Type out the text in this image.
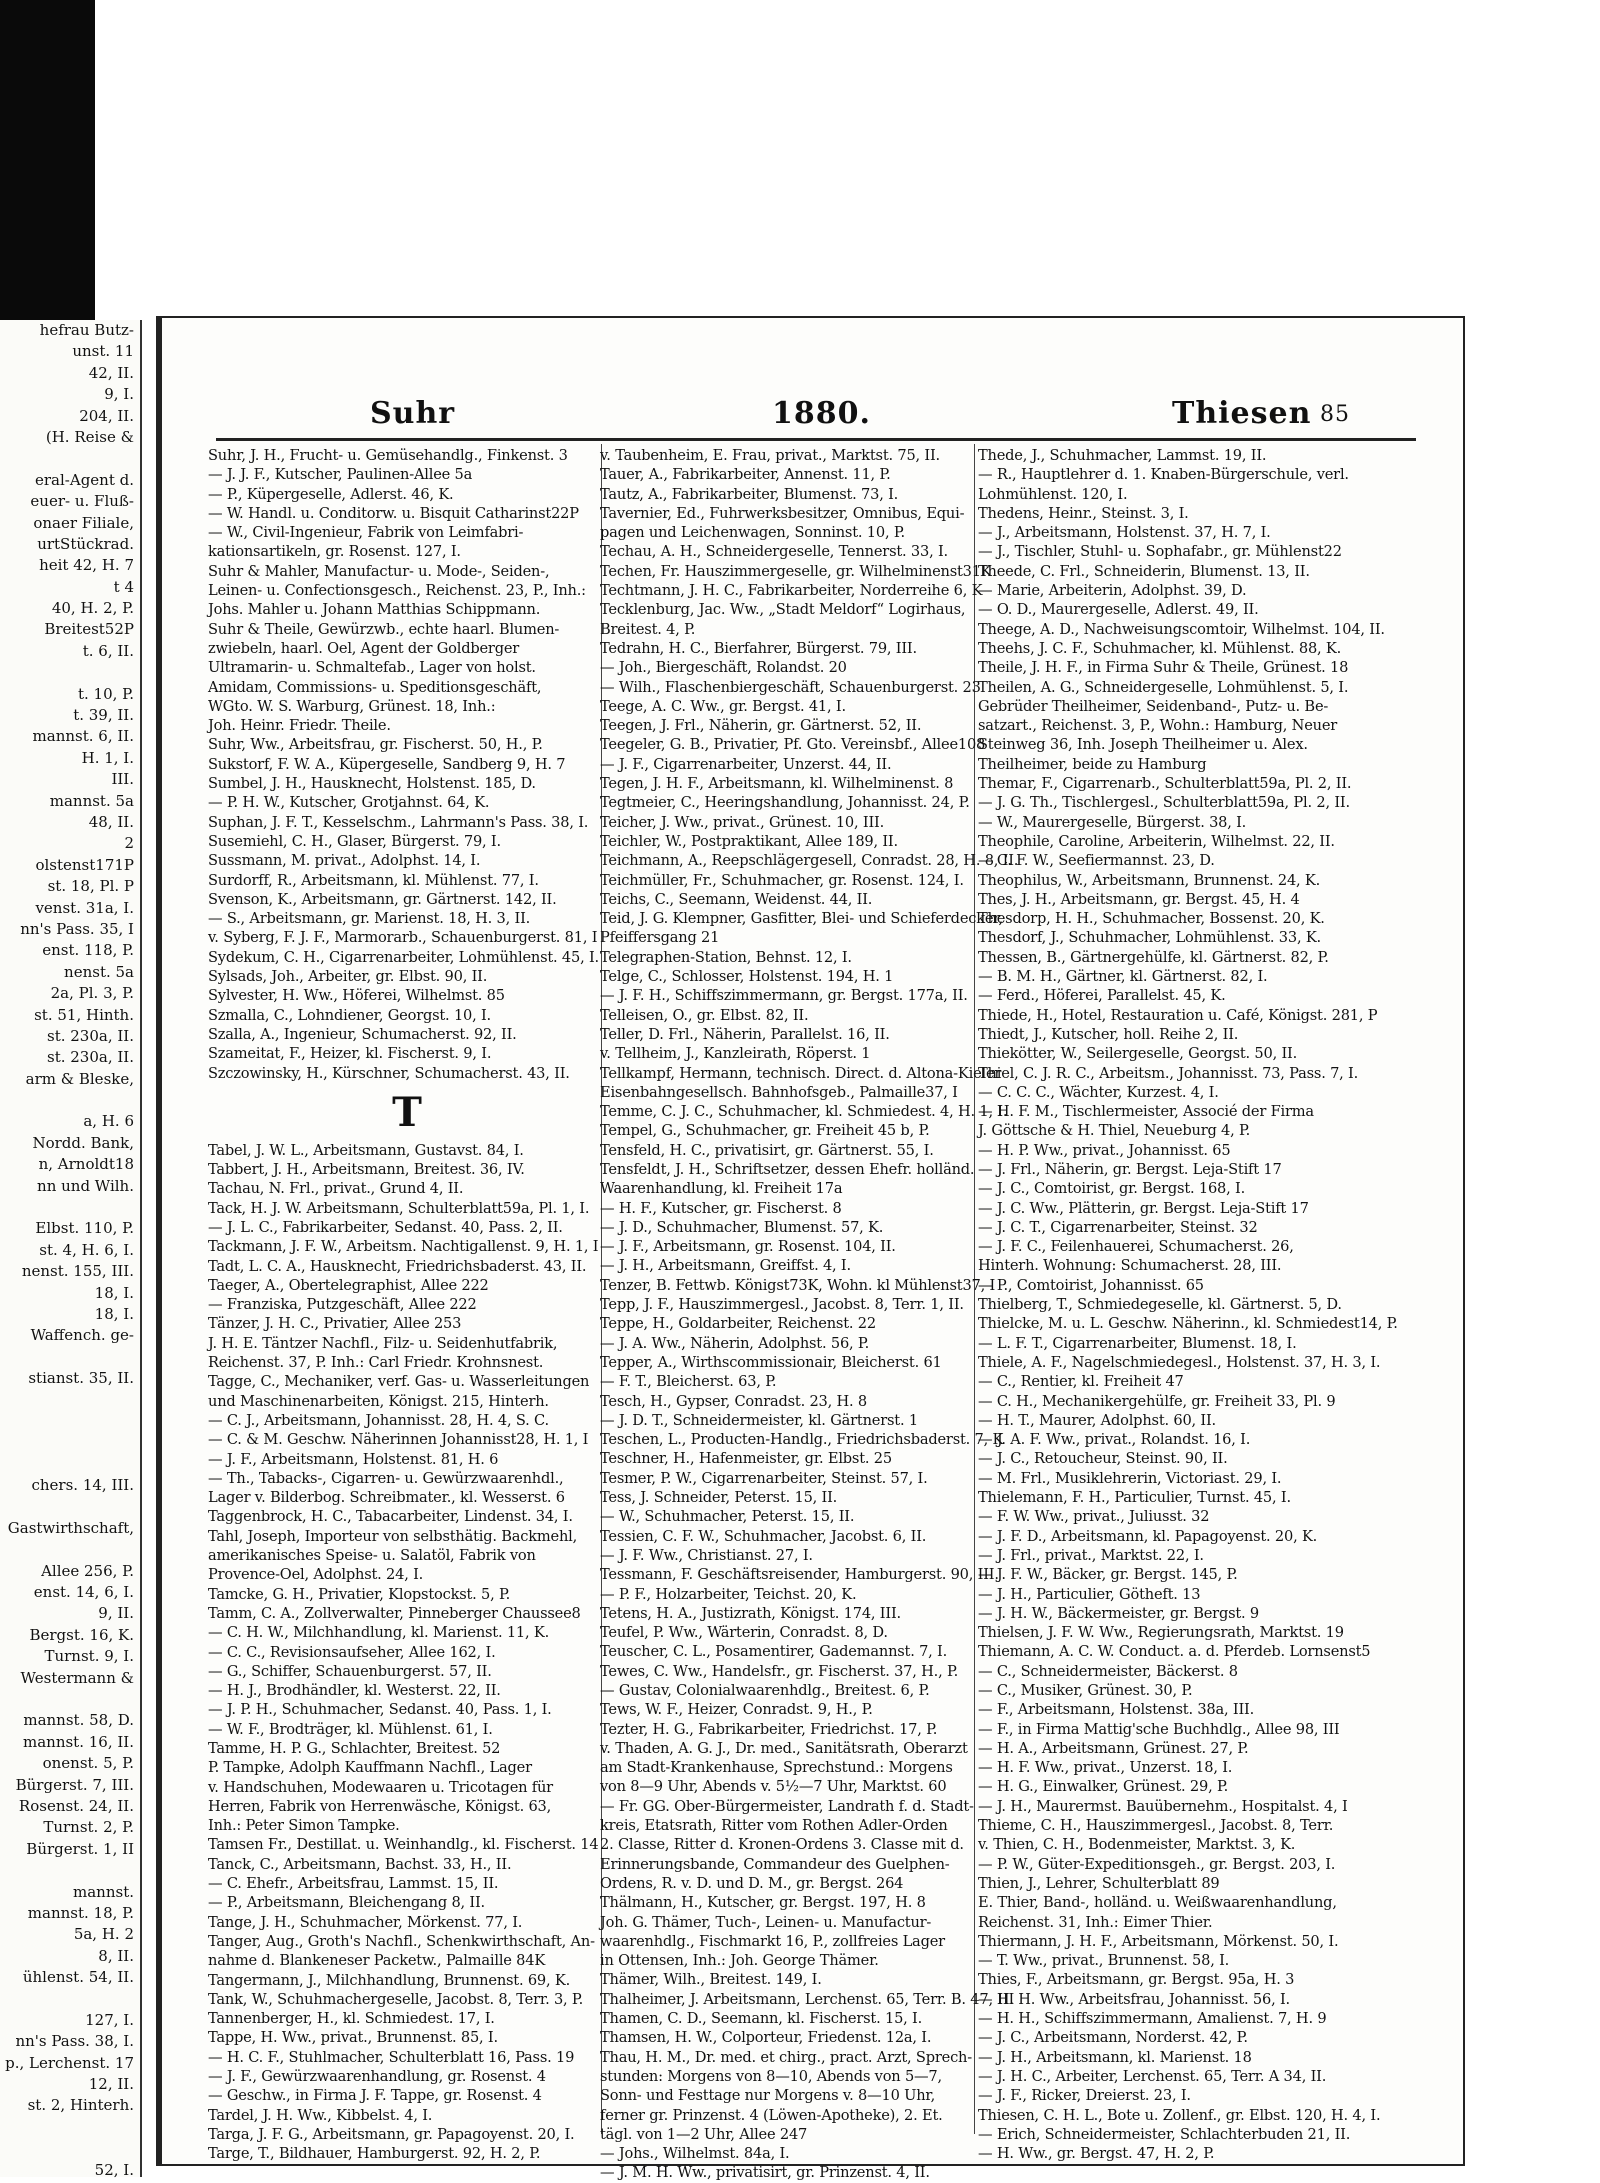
hefrau Butz-
unst. 11
42, II.
9, I.
204, II.
(H. Reise &
eral-Agent d.
euer- u. Fluß-
onaer Filiale,
urtStückrad.
heit 42, H. 7
t 4
40, H. 2, P.
Breitest52P
t. 6, II.
t. 10, P.
t. 39, II.
mannst. 6, II.
H. 1, I.
III.
mannst. 5a
48, II.
2
olstenst171P
st. 18, Pl. P
venst. 31a, I.
nn's Pass. 35, I
enst. 118, P.
nenst. 5a
2a, Pl. 3, P.
st. 51, Hinth.
st. 230a, II.
st. 230a, II.
arm & Bleske,
a, H. 6
Nordd. Bank,
n, Arnoldt18
nn und Wilh.
Elbst. 110, P.
st. 4, H. 6, I.
nenst. 155, III.
18, I.
18, I.
Waffench. ge-
stianst. 35, II.
chers. 14, III.
Gastwirthschaft,
Allee 256, P.
enst. 14, 6, I.
9, II.
Bergst. 16, K.
Turnst. 9, I.
Westermann &
mannst. 58, D.
mannst. 16, II.
onenst. 5, P.
Bürgerst. 7, III.
Rosenst. 24, II.
Turnst. 2, P.
Bürgerst. 1, II
mannst.
mannst. 18, P.
5a, H. 2
8, II.
ühlenst. 54, II.
127, I.
nn's Pass. 38, I.
p., Lerchenst. 17
12, II.
st. 2, Hinterh.
52, I.
Suhr	1880.	Thiesen 85
Suhr, J. H., Frucht- u. Gemüsehandlg., Finkenst. 3
— J. J. F., Kutscher, Paulinen-Allee 5a
— P., Küpergeselle, Adlerst. 46, K.
— W. Handl. u. Conditorw. u. Bisquit Catharinst22P
— W., Civil-Ingenieur, Fabrik von Leimfabri-
kationsartikeln, gr. Rosenst. 127, I.
Suhr & Mahler, Manufactur- u. Mode-, Seiden-,
Leinen- u. Confectionsgesch., Reichenst. 23, P., Inh.:
Johs. Mahler u. Johann Matthias Schippmann.
Suhr & Theile, Gewürzwb., echte haarl. Blumen-
zwiebeln, haarl. Oel, Agent der Goldberger
Ultramarin- u. Schmaltefab., Lager von holst.
Amidam, Commissions- u. Speditionsgeschäft,
WGto. W. S. Warburg, Grünest. 18, Inh.:
Joh. Heinr. Friedr. Theile.
Suhr, Ww., Arbeitsfrau, gr. Fischerst. 50, H., P.
Sukstorf, F. W. A., Küpergeselle, Sandberg 9, H. 7
Sumbel, J. H., Hausknecht, Holstenst. 185, D.
— P. H. W., Kutscher, Grotjahnst. 64, K.
Suphan, J. F. T., Kesselschm., Lahrmann's Pass. 38, I.
Susemiehl, C. H., Glaser, Bürgerst. 79, I.
Sussmann, M. privat., Adolphst. 14, I.
Surdorff, R., Arbeitsmann, kl. Mühlenst. 77, I.
Svenson, K., Arbeitsmann, gr. Gärtnerst. 142, II.
— S., Arbeitsmann, gr. Marienst. 18, H. 3, II.
v. Syberg, F. J. F., Marmorarb., Schauenburgerst. 81, I
Sydekum, C. H., Cigarrenarbeiter, Lohmühlenst. 45, I.
Sylsads, Joh., Arbeiter, gr. Elbst. 90, II.
Sylvester, H. Ww., Höferei, Wilhelmst. 85
Szmalla, C., Lohndiener, Georgst. 10, I.
Szalla, A., Ingenieur, Schumacherst. 92, II.
Szameitat, F., Heizer, kl. Fischerst. 9, I.
Szczowinsky, H., Kürschner, Schumacherst. 43, II.
T
Tabel, J. W. L., Arbeitsmann, Gustavst. 84, I.
Tabbert, J. H., Arbeitsmann, Breitest. 36, IV.
Tachau, N. Frl., privat., Grund 4, II.
Tack, H. J. W. Arbeitsmann, Schulterblatt59a, Pl. 1, I.
— J. L. C., Fabrikarbeiter, Sedanst. 40, Pass. 2, II.
Tackmann, J. F. W., Arbeitsm. Nachtigallenst. 9, H. 1, I
Tadt, L. C. A., Hausknecht, Friedrichsbaderst. 43, II.
Taeger, A., Obertelegraphist, Allee 222
— Franziska, Putzgeschäft, Allee 222
Tänzer, J. H. C., Privatier, Allee 253
J. H. E. Täntzer Nachfl., Filz- u. Seidenhutfabrik,
Reichenst. 37, P. Inh.: Carl Friedr. Krohnsnest.
Tagge, C., Mechaniker, verf. Gas- u. Wasserleitungen
und Maschinenarbeiten, Königst. 215, Hinterh.
— C. J., Arbeitsmann, Johannisst. 28, H. 4, S. C.
— C. & M. Geschw. Näherinnen Johannisst28, H. 1, I
— J. F., Arbeitsmann, Holstenst. 81, H. 6
— Th., Tabacks-, Cigarren- u. Gewürzwaarenhdl.,
Lager v. Bilderbog. Schreibmater., kl. Wesserst. 6
Taggenbrock, H. C., Tabacarbeiter, Lindenst. 34, I.
Tahl, Joseph, Importeur von selbsthätig. Backmehl,
amerikanisches Speise- u. Salatöl, Fabrik von
Provence-Oel, Adolphst. 24, I.
Tamcke, G. H., Privatier, Klopstockst. 5, P.
Tamm, C. A., Zollverwalter, Pinneberger Chaussee8
— C. H. W., Milchhandlung, kl. Marienst. 11, K.
— C. C., Revisionsaufseher, Allee 162, I.
— G., Schiffer, Schauenburgerst. 57, II.
— H. J., Brodhändler, kl. Westerst. 22, II.
— J. P. H., Schuhmacher, Sedanst. 40, Pass. 1, I.
— W. F., Brodträger, kl. Mühlenst. 61, I.
Tamme, H. P. G., Schlachter, Breitest. 52
P. Tampke, Adolph Kauffmann Nachfl., Lager
v. Handschuhen, Modewaaren u. Tricotagen für
Herren, Fabrik von Herrenwäsche, Königst. 63,
Inh.: Peter Simon Tampke.
Tamsen Fr., Destillat. u. Weinhandlg., kl. Fischerst. 14
Tanck, C., Arbeitsmann, Bachst. 33, H., II.
— C. Ehefr., Arbeitsfrau, Lammst. 15, II.
— P., Arbeitsmann, Bleichengang 8, II.
Tange, J. H., Schuhmacher, Mörkenst. 77, I.
Tanger, Aug., Groth's Nachfl., Schenkwirthschaft, An-
nahme d. Blankeneser Packetw., Palmaille 84K
Tangermann, J., Milchhandlung, Brunnenst. 69, K.
Tank, W., Schuhmachergeselle, Jacobst. 8, Terr. 3, P.
Tannenberger, H., kl. Schmiedest. 17, I.
Tappe, H. Ww., privat., Brunnenst. 85, I.
— H. C. F., Stuhlmacher, Schulterblatt 16, Pass. 19
— J. F., Gewürzwaarenhandlung, gr. Rosenst. 4
— Geschw., in Firma J. F. Tappe, gr. Rosenst. 4
Tardel, J. H. Ww., Kibbelst. 4, I.
Targa, J. F. G., Arbeitsmann, gr. Papagoyenst. 20, I.
Targe, T., Bildhauer, Hamburgerst. 92, H. 2, P.
v. Taubenheim, E. Frau, privat., Marktst. 75, II.
Tauer, A., Fabrikarbeiter, Annenst. 11, P.
Tautz, A., Fabrikarbeiter, Blumenst. 73, I.
Tavernier, Ed., Fuhrwerksbesitzer, Omnibus, Equi-
pagen und Leichenwagen, Sonninst. 10, P.
Techau, A. H., Schneidergeselle, Tennerst. 33, I.
Techen, Fr. Hauszimmergeselle, gr. Wilhelminenst31K
Techtmann, J. H. C., Fabrikarbeiter, Norderreihe 6, K
Tecklenburg, Jac. Ww., „Stadt Meldorf“ Logirhaus,
Breitest. 4, P.
Tedrahn, H. C., Bierfahrer, Bürgerst. 79, III.
— Joh., Biergeschäft, Rolandst. 20
— Wilh., Flaschenbiergeschäft, Schauenburgerst. 23
Teege, A. C. Ww., gr. Bergst. 41, I.
Teegen, J. Frl., Näherin, gr. Gärtnerst. 52, II.
Teegeler, G. B., Privatier, Pf. Gto. Vereinsbf., Allee108
— J. F., Cigarrenarbeiter, Unzerst. 44, II.
Tegen, J. H. F., Arbeitsmann, kl. Wilhelminenst. 8
Tegtmeier, C., Heeringshandlung, Johannisst. 24, P.
Teicher, J. Ww., privat., Grünest. 10, III.
Teichler, W., Postpraktikant, Allee 189, II.
Teichmann, A., Reepschlägergesell, Conradst. 28, H. 8, II.
Teichmüller, Fr., Schuhmacher, gr. Rosenst. 124, I.
Teichs, C., Seemann, Weidenst. 44, II.
Teid, J. G. Klempner, Gasfitter, Blei- und Schieferdecker,
Pfeiffersgang 21
Telegraphen-Station, Behnst. 12, I.
Telge, C., Schlosser, Holstenst. 194, H. 1
— J. F. H., Schiffszimmermann, gr. Bergst. 177a, II.
Telleisen, O., gr. Elbst. 82, II.
Teller, D. Frl., Näherin, Parallelst. 16, II.
v. Tellheim, J., Kanzleirath, Röperst. 1
Tellkampf, Hermann, technisch. Direct. d. Altona-Kieler
Eisenbahngesellsch. Bahnhofsgeb., Palmaille37, I
Temme, C. J. C., Schuhmacher, kl. Schmiedest. 4, H. 1, I.
Tempel, G., Schuhmacher, gr. Freiheit 45 b, P.
Tensfeld, H. C., privatisirt, gr. Gärtnerst. 55, I.
Tensfeldt, J. H., Schriftsetzer, dessen Ehefr. holländ.
Waarenhandlung, kl. Freiheit 17a
— H. F., Kutscher, gr. Fischerst. 8
— J. D., Schuhmacher, Blumenst. 57, K.
— J. F., Arbeitsmann, gr. Rosenst. 104, II.
— J. H., Arbeitsmann, Greiffst. 4, I.
Tenzer, B. Fettwb. Königst73K, Wohn. kl Mühlenst37, I
Tepp, J. F., Hauszimmergesl., Jacobst. 8, Terr. 1, II.
Teppe, H., Goldarbeiter, Reichenst. 22
— J. A. Ww., Näherin, Adolphst. 56, P.
Tepper, A., Wirthscommissionair, Bleicherst. 61
— F. T., Bleicherst. 63, P.
Tesch, H., Gypser, Conradst. 23, H. 8
— J. D. T., Schneidermeister, kl. Gärtnerst. 1
Teschen, L., Producten-Handlg., Friedrichsbaderst. 7, K
Teschner, H., Hafenmeister, gr. Elbst. 25
Tesmer, P. W., Cigarrenarbeiter, Steinst. 57, I.
Tess, J. Schneider, Peterst. 15, II.
— W., Schuhmacher, Peterst. 15, II.
Tessien, C. F. W., Schuhmacher, Jacobst. 6, II.
— J. F. Ww., Christianst. 27, I.
Tessmann, F. Geschäftsreisender, Hamburgerst. 90, III.
— P. F., Holzarbeiter, Teichst. 20, K.
Tetens, H. A., Justizrath, Königst. 174, III.
Teufel, P. Ww., Wärterin, Conradst. 8, D.
Teuscher, C. L., Posamentirer, Gademannst. 7, I.
Tewes, C. Ww., Handelsfr., gr. Fischerst. 37, H., P.
— Gustav, Colonialwaarenhdlg., Breitest. 6, P.
Tews, W. F., Heizer, Conradst. 9, H., P.
Tezter, H. G., Fabrikarbeiter, Friedrichst. 17, P.
v. Thaden, A. G. J., Dr. med., Sanitätsrath, Oberarzt
am Stadt-Krankenhause, Sprechstund.: Morgens
von 8—9 Uhr, Abends v. 5½—7 Uhr, Marktst. 60
— Fr. GG. Ober-Bürgermeister, Landrath f. d. Stadt-
kreis, Etatsrath, Ritter vom Rothen Adler-Orden
2. Classe, Ritter d. Kronen-Ordens 3. Classe mit d.
Erinnerungsbande, Commandeur des Guelphen-
Ordens, R. v. D. und D. M., gr. Bergst. 264
Thälmann, H., Kutscher, gr. Bergst. 197, H. 8
Joh. G. Thämer, Tuch-, Leinen- u. Manufactur-
waarenhdlg., Fischmarkt 16, P., zollfreies Lager
in Ottensen, Inh.: Joh. George Thämer.
Thämer, Wilh., Breitest. 149, I.
Thalheimer, J. Arbeitsmann, Lerchenst. 65, Terr. B. 47, III
Thamen, C. D., Seemann, kl. Fischerst. 15, I.
Thamsen, H. W., Colporteur, Friedenst. 12a, I.
Thau, H. M., Dr. med. et chirg., pract. Arzt, Sprech-
stunden: Morgens von 8—10, Abends von 5—7,
Sonn- und Festtage nur Morgens v. 8—10 Uhr,
ferner gr. Prinzenst. 4 (Löwen-Apotheke), 2. Et.
tägl. von 1—2 Uhr, Allee 247
— Johs., Wilhelmst. 84a, I.
— J. M. H. Ww., privatisirt, gr. Prinzenst. 4, II.
Thede, J., Schuhmacher, Lammst. 19, II.
— R., Hauptlehrer d. 1. Knaben-Bürgerschule, verl.
Lohmühlenst. 120, I.
Thedens, Heinr., Steinst. 3, I.
— J., Arbeitsmann, Holstenst. 37, H. 7, I.
— J., Tischler, Stuhl- u. Sophafabr., gr. Mühlenst22
Theede, C. Frl., Schneiderin, Blumenst. 13, II.
— Marie, Arbeiterin, Adolphst. 39, D.
— O. D., Maurergeselle, Adlerst. 49, II.
Theege, A. D., Nachweisungscomtoir, Wilhelmst. 104, II.
Theehs, J. C. F., Schuhmacher, kl. Mühlenst. 88, K.
Theile, J. H. F., in Firma Suhr & Theile, Grünest. 18
Theilen, A. G., Schneidergeselle, Lohmühlenst. 5, I.
Gebrüder Theilheimer, Seidenband-, Putz- u. Be-
satzart., Reichenst. 3, P., Wohn.: Hamburg, Neuer
Steinweg 36, Inh. Joseph Theilheimer u. Alex.
Theilheimer, beide zu Hamburg
Themar, F., Cigarrenarb., Schulterblatt59a, Pl. 2, II.
— J. G. Th., Tischlergesl., Schulterblatt59a, Pl. 2, II.
— W., Maurergeselle, Bürgerst. 38, I.
Theophile, Caroline, Arbeiterin, Wilhelmst. 22, II.
— C. F. W., Seefiermannst. 23, D.
Theophilus, W., Arbeitsmann, Brunnenst. 24, K.
Thes, J. H., Arbeitsmann, gr. Bergst. 45, H. 4
Thesdorp, H. H., Schuhmacher, Bossenst. 20, K.
Thesdorf, J., Schuhmacher, Lohmühlenst. 33, K.
Thessen, B., Gärtnergehülfe, kl. Gärtnerst. 82, P.
— B. M. H., Gärtner, kl. Gärtnerst. 82, I.
— Ferd., Höferei, Parallelst. 45, K.
Thiede, H., Hotel, Restauration u. Café, Königst. 281, P
Thiedt, J., Kutscher, holl. Reihe 2, II.
Thiekötter, W., Seilergeselle, Georgst. 50, II.
Thiel, C. J. R. C., Arbeitsm., Johannisst. 73, Pass. 7, I.
— C. C. C., Wächter, Kurzest. 4, I.
— H. F. M., Tischlermeister, Associé der Firma
J. Göttsche & H. Thiel, Neueburg 4, P.
— H. P. Ww., privat., Johannisst. 65
— J. Frl., Näherin, gr. Bergst. Leja-Stift 17
— J. C., Comtoirist, gr. Bergst. 168, I.
— J. C. Ww., Plätterin, gr. Bergst. Leja-Stift 17
— J. C. T., Cigarrenarbeiter, Steinst. 32
— J. F. C., Feilenhauerei, Schumacherst. 26,
Hinterh. Wohnung: Schumacherst. 28, III.
— P., Comtoirist, Johannisst. 65
Thielberg, T., Schmiedegeselle, kl. Gärtnerst. 5, D.
Thielcke, M. u. L. Geschw. Näherinn., kl. Schmiedest14, P.
— L. F. T., Cigarrenarbeiter, Blumenst. 18, I.
Thiele, A. F., Nagelschmiedegesl., Holstenst. 37, H. 3, I.
— C., Rentier, kl. Freiheit 47
— C. H., Mechanikergehülfe, gr. Freiheit 33, Pl. 9
— H. T., Maurer, Adolphst. 60, II.
— J. A. F. Ww., privat., Rolandst. 16, I.
— J. C., Retoucheur, Steinst. 90, II.
— M. Frl., Musiklehrerin, Victoriast. 29, I.
Thielemann, F. H., Particulier, Turnst. 45, I.
— F. W. Ww., privat., Juliusst. 32
— J. F. D., Arbeitsmann, kl. Papagoyenst. 20, K.
— J. Frl., privat., Marktst. 22, I.
— J. F. W., Bäcker, gr. Bergst. 145, P.
— J. H., Particulier, Götheft. 13
— J. H. W., Bäckermeister, gr. Bergst. 9
Thielsen, J. F. W. Ww., Regierungsrath, Marktst. 19
Thiemann, A. C. W. Conduct. a. d. Pferdeb. Lornsenst5
— C., Schneidermeister, Bäckerst. 8
— C., Musiker, Grünest. 30, P.
— F., Arbeitsmann, Holstenst. 38a, III.
— F., in Firma Mattig'sche Buchhdlg., Allee 98, III
— H. A., Arbeitsmann, Grünest. 27, P.
— H. F. Ww., privat., Unzerst. 18, I.
— H. G., Einwalker, Grünest. 29, P.
— J. H., Maurermst. Bauübernehm., Hospitalst. 4, I
Thieme, C. H., Hauszimmergesl., Jacobst. 8, Terr.
v. Thien, C. H., Bodenmeister, Marktst. 3, K.
— P. W., Güter-Expeditionsgeh., gr. Bergst. 203, I.
Thien, J., Lehrer, Schulterblatt 89
E. Thier, Band-, holländ. u. Weißwaarenhandlung,
Reichenst. 31, Inh.: Eimer Thier.
Thiermann, J. H. F., Arbeitsmann, Mörkenst. 50, I.
— T. Ww., privat., Brunnenst. 58, I.
Thies, F., Arbeitsmann, gr. Bergst. 95a, H. 3
— H. H. Ww., Arbeitsfrau, Johannisst. 56, I.
— H. H., Schiffszimmermann, Amalienst. 7, H. 9
— J. C., Arbeitsmann, Norderst. 42, P.
— J. H., Arbeitsmann, kl. Marienst. 18
— J. H. C., Arbeiter, Lerchenst. 65, Terr. A 34, II.
— J. F., Ricker, Dreierst. 23, I.
Thiesen, C. H. L., Bote u. Zollenf., gr. Elbst. 120, H. 4, I.
— Erich, Schneidermeister, Schlachterbuden 21, II.
— H. Ww., gr. Bergst. 47, H. 2, P.
